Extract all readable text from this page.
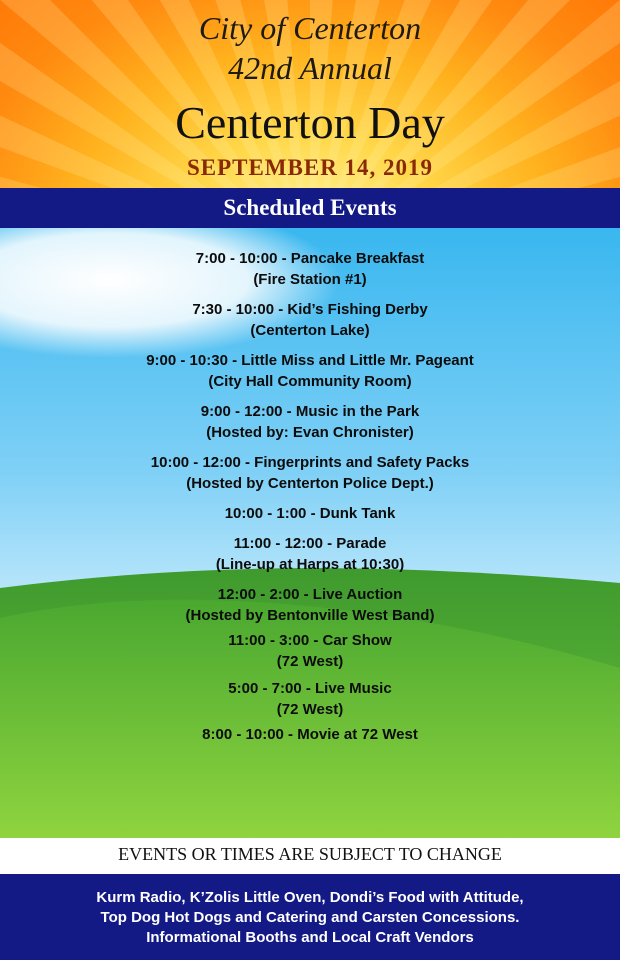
City of Centerton
42nd Annual
Centerton Day
SEPTEMBER 14, 2019
Scheduled Events
7:00 - 10:00 - Pancake Breakfast
(Fire Station #1)
7:30 - 10:00 - Kid’s Fishing Derby
(Centerton Lake)
9:00 - 10:30 - Little Miss and Little Mr. Pageant
(City Hall Community Room)
9:00 - 12:00 - Music in the Park
(Hosted by: Evan Chronister)
10:00 - 12:00 - Fingerprints and Safety Packs
(Hosted by Centerton Police Dept.)
10:00 - 1:00 - Dunk Tank
11:00 - 12:00 - Parade
(Line-up at Harps at 10:30)
12:00 - 2:00 - Live Auction
(Hosted by Bentonville West Band)
11:00 - 3:00 - Car Show
(72 West)
5:00 - 7:00 - Live Music
(72 West)
8:00 - 10:00 - Movie at 72 West
EVENTS OR TIMES ARE SUBJECT TO CHANGE
Kurm Radio, K’Zolis Little Oven, Dondi’s Food with Attitude,
Top Dog Hot Dogs and Catering and Carsten Concessions.
Informational Booths and Local Craft Vendors
